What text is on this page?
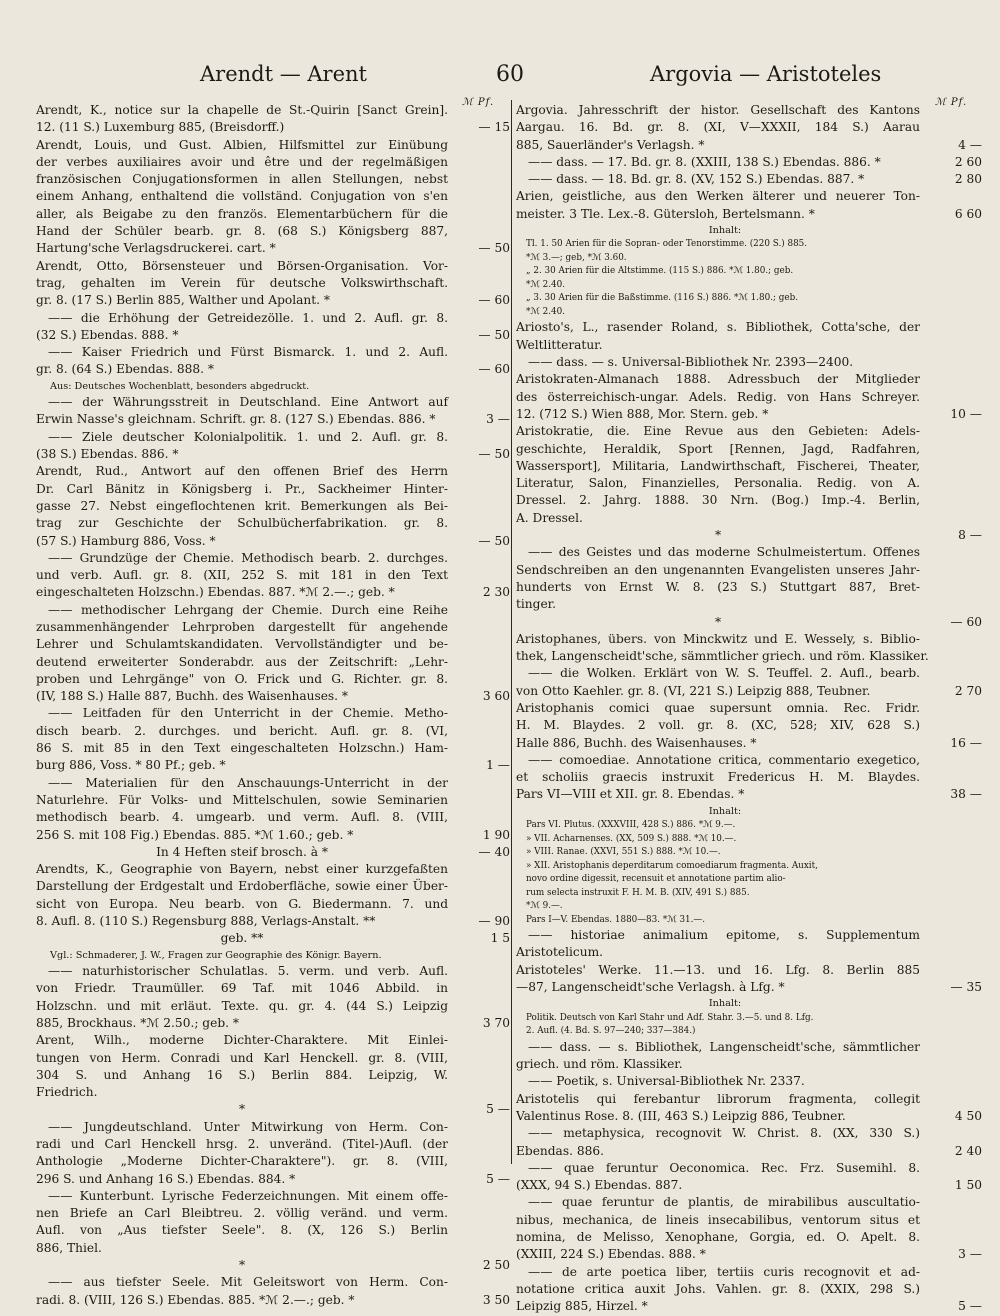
Arendt — Arent	60	Argovia — Aristoteles
ℳ Pf.	ℳ Pf.
Arendt, K., notice sur la chapelle de St.-Quirin [Sanct Grein].
12. (11 S.) Luxemburg 885, (Breisdorff.)	— 15
Arendt, Louis, und Gust. Albien, Hilfsmittel zur Einübung
der verbes auxiliaires avoir und être und der regelmäßigen
französischen Conjugationsformen in allen Stellungen, nebst
einem Anhang, enthaltend die vollständ. Conjugation von s'en
aller, als Beigabe zu den französ. Elementarbüchern für die
Hand der Schüler bearb. gr. 8. (68 S.) Königsberg 887,
Hartung'sche Verlagsdruckerei. cart. *	— 50
Arendt, Otto, Börsensteuer und Börsen-Organisation. Vor-
trag, gehalten im Verein für deutsche Volkswirthschaft.
gr. 8. (17 S.) Berlin 885, Walther und Apolant. *	— 60
—— die Erhöhung der Getreidezölle. 1. und 2. Aufl. gr. 8.
(32 S.) Ebendas. 888. *	— 50
—— Kaiser Friedrich und Fürst Bismarck. 1. und 2. Aufl.
gr. 8. (64 S.) Ebendas. 888. *	— 60
Aus: Deutsches Wochenblatt, besonders abgedruckt.
—— der Währungsstreit in Deutschland. Eine Antwort auf
Erwin Nasse's gleichnam. Schrift. gr. 8. (127 S.) Ebendas. 886. *	3 —
—— Ziele deutscher Kolonialpolitik. 1. und 2. Aufl. gr. 8.
(38 S.) Ebendas. 886. *	— 50
Arendt, Rud., Antwort auf den offenen Brief des Herrn
Dr. Carl Bänitz in Königsberg i. Pr., Sackheimer Hinter-
gasse 27. Nebst eingeflochtenen krit. Bemerkungen als Bei-
trag zur Geschichte der Schulbücherfabrikation. gr. 8.
(57 S.) Hamburg 886, Voss. *	— 50
—— Grundzüge der Chemie. Methodisch bearb. 2. durchges.
und verb. Aufl. gr. 8. (XII, 252 S. mit 181 in den Text
eingeschalteten Holzschn.) Ebendas. 887. *ℳ 2.—.; geb. *	2 30
—— methodischer Lehrgang der Chemie. Durch eine Reihe
zusammenhängender Lehrproben dargestellt für angehende
Lehrer und Schulamtskandidaten. Vervollständigter und be-
deutend erweiterter Sonderabdr. aus der Zeitschrift: „Lehr-
proben und Lehrgänge" von O. Frick und G. Richter. gr. 8.
(IV, 188 S.) Halle 887, Buchh. des Waisenhauses. *	3 60
—— Leitfaden für den Unterricht in der Chemie. Metho-
disch bearb. 2. durchges. und bericht. Aufl. gr. 8. (VI,
86 S. mit 85 in den Text eingeschalteten Holzschn.) Ham-
burg 886, Voss. * 80 Pf.; geb. *	1 —
—— Materialien für den Anschauungs-Unterricht in der
Naturlehre. Für Volks- und Mittelschulen, sowie Seminarien
methodisch bearb. 4. umgearb. und verm. Aufl. 8. (VIII,
256 S. mit 108 Fig.) Ebendas. 885. *ℳ 1.60.; geb. *	1 90
In 4 Heften steif brosch. à *	— 40
Arendts, K., Geographie von Bayern, nebst einer kurzgefaßten
Darstellung der Erdgestalt und Erdoberfläche, sowie einer Über-
sicht von Europa. Neu bearb. von G. Biedermann. 7. und
8. Aufl. 8. (110 S.) Regensburg 888, Verlags-Anstalt. **	— 90
geb. **	1 5
Vgl.: Schmaderer, J. W., Fragen zur Geographie des Königr. Bayern.
—— naturhistorischer Schulatlas. 5. verm. und verb. Aufl.
von Friedr. Traumüller. 69 Taf. mit 1046 Abbild. in
Holzschn. und mit erläut. Texte. qu. gr. 4. (44 S.) Leipzig
885, Brockhaus. *ℳ 2.50.; geb. *	3 70
Arent, Wilh., moderne Dichter-Charaktere. Mit Einlei-
tungen von Herm. Conradi und Karl Henckell. gr. 8. (VIII,
304 S. und Anhang 16 S.) Berlin 884. Leipzig, W.
Friedrich.
*	5 —
—— Jungdeutschland. Unter Mitwirkung von Herm. Con-
radi und Carl Henckell hrsg. 2. unveränd. (Titel-)Aufl. (der
Anthologie „Moderne Dichter-Charaktere"). gr. 8. (VIII,
296 S. und Anhang 16 S.) Ebendas. 884. *	5 —
—— Kunterbunt. Lyrische Federzeichnungen. Mit einem offe-
nen Briefe an Carl Bleibtreu. 2. völlig veränd. und verm.
Aufl. von „Aus tiefster Seele". 8. (X, 126 S.) Berlin
886, Thiel.
*	2 50
—— aus tiefster Seele. Mit Geleitswort von Herm. Con-
radi. 8. (VIII, 126 S.) Ebendas. 885. *ℳ 2.—.; geb. *	3 50
Argovia. Jahresschrift der histor. Gesellschaft des Kantons
Aargau. 16. Bd. gr. 8. (XI, V—XXXII, 184 S.) Aarau
885, Sauerländer's Verlagsh. *	4 —
—— dass. — 17. Bd. gr. 8. (XXIII, 138 S.) Ebendas. 886. *	2 60
—— dass. — 18. Bd. gr. 8. (XV, 152 S.) Ebendas. 887. *	2 80
Arien, geistliche, aus den Werken älterer und neuerer Ton-
meister. 3 Tle. Lex.-8. Gütersloh, Bertelsmann. *	6 60
Inhalt:
Tl. 1. 50 Arien für die Sopran- oder Tenorstimme. (220 S.) 885.
*ℳ 3.—; geb, *ℳ 3.60.
„ 2. 30 Arien für die Altstimme. (115 S.) 886. *ℳ 1.80.; geb.
*ℳ 2.40.
„ 3. 30 Arien für die Baßstimme. (116 S.) 886. *ℳ 1.80.; geb.
*ℳ 2.40.
Ariosto's, L., rasender Roland, s. Bibliothek, Cotta'sche, der
Weltlitteratur.
—— dass. — s. Universal-Bibliothek Nr. 2393—2400.
Aristokraten-Almanach 1888. Adressbuch der Mitglieder
des österreichisch-ungar. Adels. Redig. von Hans Schreyer.
12. (712 S.) Wien 888, Mor. Stern. geb. *	10 —
Aristokratie, die. Eine Revue aus den Gebieten: Adels-
geschichte, Heraldik, Sport [Rennen, Jagd, Radfahren,
Wassersport], Militaria, Landwirthschaft, Fischerei, Theater,
Literatur, Salon, Finanzielles, Personalia. Redig. von A.
Dressel. 2. Jahrg. 1888. 30 Nrn. (Bog.) Imp.-4. Berlin,
A. Dressel.
*	8 —
—— des Geistes und das moderne Schulmeistertum. Offenes
Sendschreiben an den ungenannten Evangelisten unseres Jahr-
hunderts von Ernst W. 8. (23 S.) Stuttgart 887, Bret-
tinger.
*	— 60
Aristophanes, übers. von Minckwitz und E. Wessely, s. Biblio-
thek, Langenscheidt'sche, sämmtlicher griech. und röm. Klassiker.
—— die Wolken. Erklärt von W. S. Teuffel. 2. Aufl., bearb.
von Otto Kaehler. gr. 8. (VI, 221 S.) Leipzig 888, Teubner.	2 70
Aristophanis comici quae supersunt omnia. Rec. Fridr.
H. M. Blaydes. 2 voll. gr. 8. (XC, 528; XIV, 628 S.)
Halle 886, Buchh. des Waisenhauses. *	16 —
—— comoediae. Annotatione critica, commentario exegetico,
et scholiis graecis instruxit Fredericus H. M. Blaydes.
Pars VI—VIII et XII. gr. 8. Ebendas. *	38 —
Inhalt:
Pars VI. Plutus. (XXXVIII, 428 S.) 886. *ℳ 9.—.
» VII. Acharnenses. (XX, 509 S.) 888. *ℳ 10.—.
» VIII. Ranae. (XXVI, 551 S.) 888. *ℳ 10.—.
» XII. Aristophanis deperditarum comoediarum fragmenta. Auxit,
novo ordine digessit, recensuit et annotatione partim alio-
rum selecta instruxit F. H. M. B. (XIV, 491 S.) 885.
*ℳ 9.—.
Pars I—V. Ebendas. 1880—83. *ℳ 31.—.
—— historiae animalium epitome, s. Supplementum
Aristotelicum.
Aristoteles' Werke. 11.—13. und 16. Lfg. 8. Berlin 885
—87, Langenscheidt'sche Verlagsh. à Lfg. *	— 35
Inhalt:
Politik. Deutsch von Karl Stahr und Adf. Stahr. 3.—5. und 8. Lfg.
2. Aufl. (4. Bd. S. 97—240; 337—384.)
—— dass. — s. Bibliothek, Langenscheidt'sche, sämmtlicher
griech. und röm. Klassiker.
—— Poetik, s. Universal-Bibliothek Nr. 2337.
Aristotelis qui ferebantur librorum fragmenta, collegit
Valentinus Rose. 8. (III, 463 S.) Leipzig 886, Teubner.	4 50
—— metaphysica, recognovit W. Christ. 8. (XX, 330 S.)
Ebendas. 886.	2 40
—— quae feruntur Oeconomica. Rec. Frz. Susemihl. 8.
(XXX, 94 S.) Ebendas. 887.	1 50
—— quae feruntur de plantis, de mirabilibus auscultatio-
nibus, mechanica, de lineis insecabilibus, ventorum situs et
nomina, de Melisso, Xenophane, Gorgia, ed. O. Apelt. 8.
(XXIII, 224 S.) Ebendas. 888. *	3 —
—— de arte poetica liber, tertiis curis recognovit et ad-
notatione critica auxit Johs. Vahlen. gr. 8. (XXIX, 298 S.)
Leipzig 885, Hirzel. *	5 —
